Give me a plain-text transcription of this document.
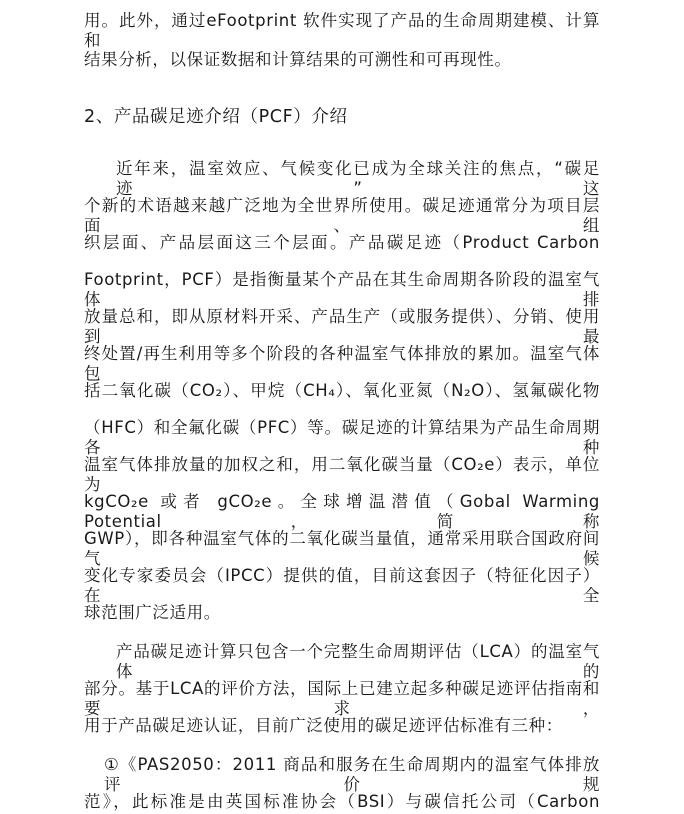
用。此外，通过eFootprint 软件实现了产品的生命周期建模、计算和
结果分析，以保证数据和计算结果的可溯性和可再现性。
2、产品碳足迹介绍（PCF）介绍
近年来，温室效应、气候变化已成为全球关注的焦点，“碳足迹”这
个新的术语越来越广泛地为全世界所使用。碳足迹通常分为项目层面、组
织层面、产品层面这三个层面。产品碳足迹（Product Carbon
Footprint，PCF）是指衡量某个产品在其生命周期各阶段的温室气体排
放量总和，即从原材料开采、产品生产（或服务提供）、分销、使用到最
终处置/再生利用等多个阶段的各种温室气体排放的累加。温室气体包
括二氧化碳（CO₂）、甲烷（CH₄）、氧化亚氮（N₂O）、氢氟碳化物
（HFC）和全氟化碳（PFC）等。碳足迹的计算结果为产品生命周期各种
温室气体排放量的加权之和，用二氧化碳当量（CO₂e）表示，单位为
kgCO₂e 或者 gCO₂e。全球增温潜值（Gobal Warming Potential，简称
GWP），即各种温室气体的二氧化碳当量值，通常采用联合国政府间气候
变化专家委员会（IPCC）提供的值，目前这套因子（特征化因子）在全
球范围广泛适用。
产品碳足迹计算只包含一个完整生命周期评估（LCA）的温室气体的
部分。基于LCA的评价方法，国际上已建立起多种碳足迹评估指南和要求，
用于产品碳足迹认证，目前广泛使用的碳足迹评估标准有三种：
①《PAS2050：2011 商品和服务在生命周期内的温室气体排放评价规
范》，此标准是由英国标准协会（BSI）与碳信托公司（Carbon
